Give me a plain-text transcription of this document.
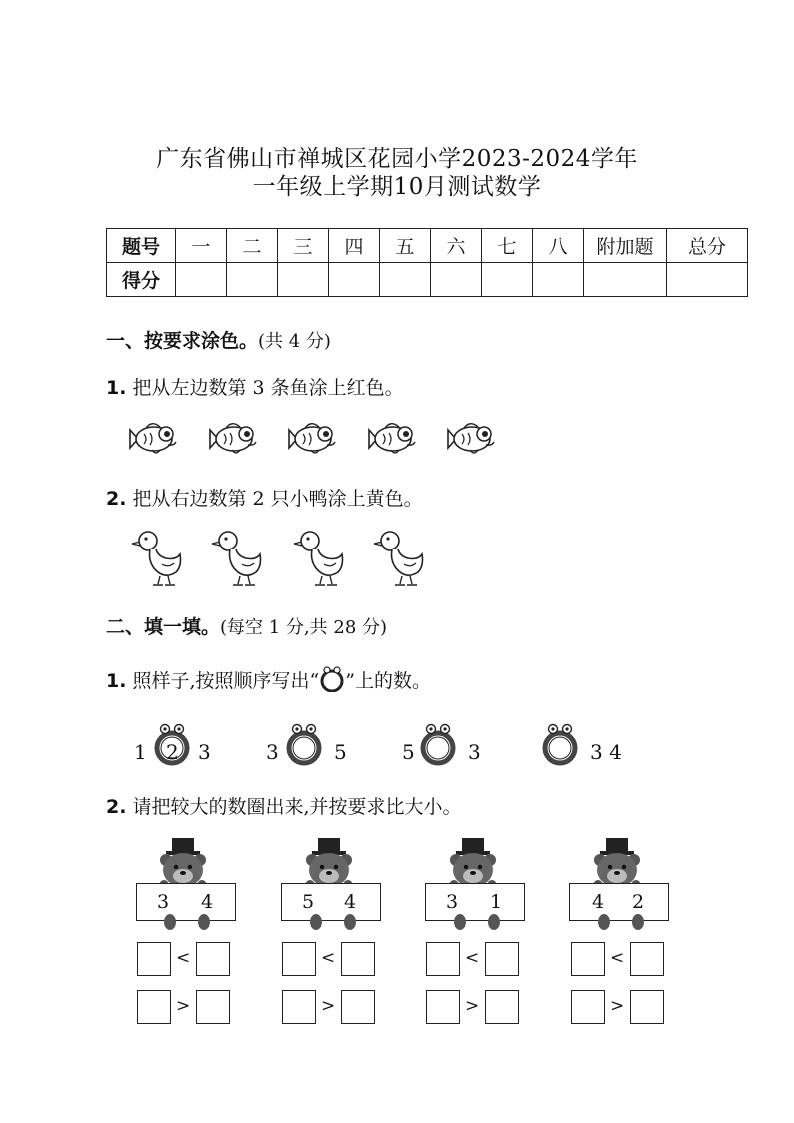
广东省佛山市禅城区花园小学2023-2024学年
一年级上学期10月测试数学
题号	一	二	三	四	五	六	七	八	附加题	总分
得分										
一、按要求涂色。(共 4 分)
1. 把从左边数第 3 条鱼涂上红色。
2. 把从右边数第 2 只小鸭涂上黄色。
二、填一填。(每空 1 分,共 28 分)
1. 照样子,按照顺序写出“ ”上的数。
1 2 3	3	5	5	3	3 4
2. 请把较大的数圈出来,并按要求比大小。
3 4	5 4	3 1	4 2
<	<	<	<
>	>	>	>
